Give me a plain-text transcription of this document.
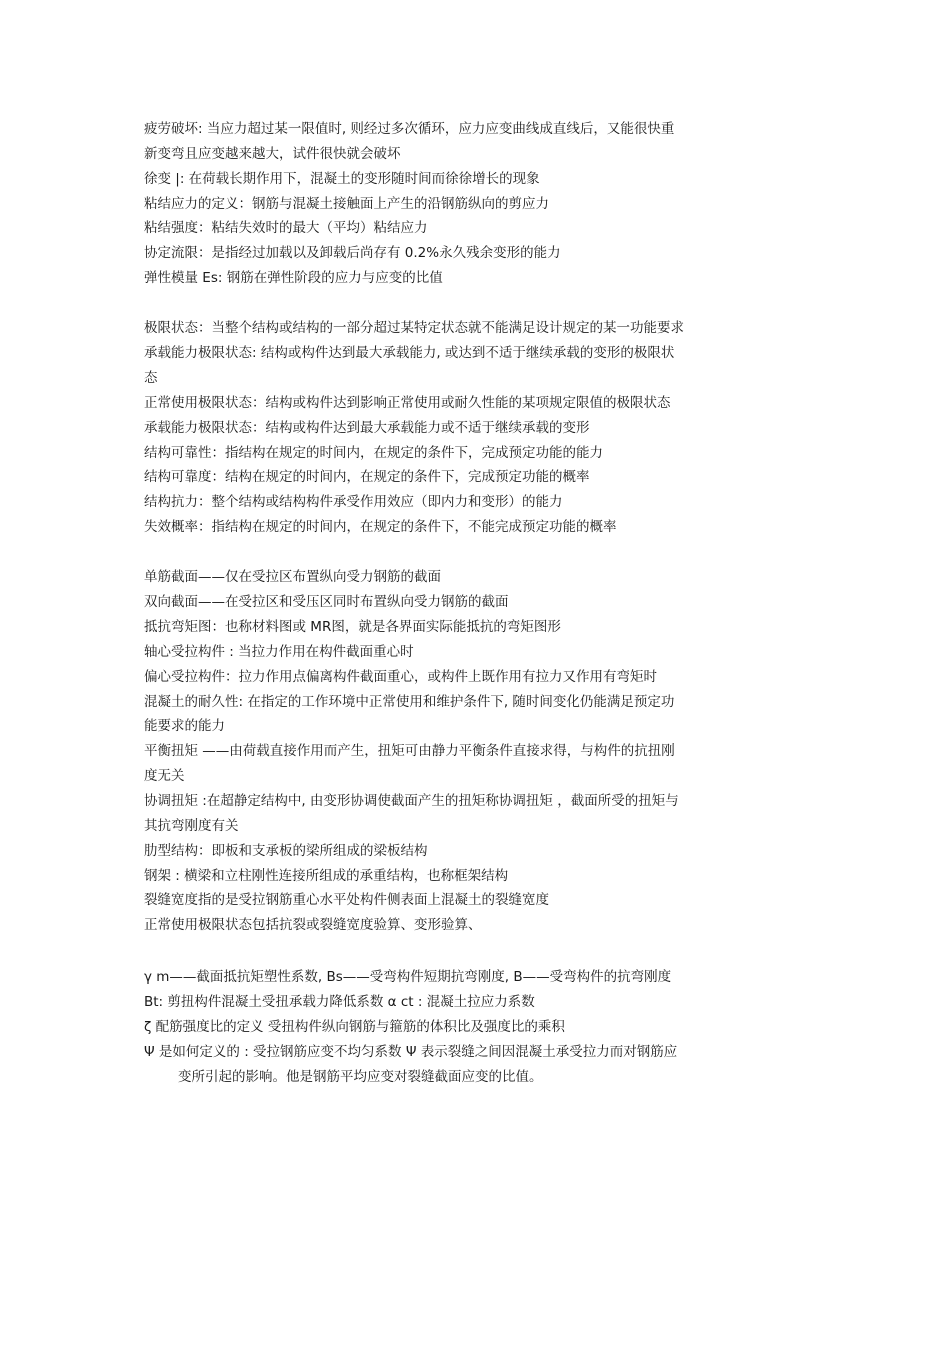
疲劳破坏: 当应力超过某一限值时, 则经过多次循环，应力应变曲线成直线后，又能很快重
新变弯且应变越来越大，试件很快就会破坏
徐变 |: 在荷载长期作用下，混凝土的变形随时间而徐徐增长的现象
粘结应力的定义：钢筋与混凝土接触面上产生的沿钢筋纵向的剪应力
粘结强度：粘结失效时的最大（平均）粘结应力
协定流限：是指经过加载以及卸载后尚存有 0.2%永久残余变形的能力
弹性模量 Es: 钢筋在弹性阶段的应力与应变的比值
极限状态：当整个结构或结构的一部分超过某特定状态就不能满足设计规定的某一功能要求
承载能力极限状态: 结构或构件达到最大承载能力, 或达到不适于继续承载的变形的极限状
态
正常使用极限状态：结构或构件达到影响正常使用或耐久性能的某项规定限值的极限状态
承载能力极限状态：结构或构件达到最大承载能力或不适于继续承载的变形
结构可靠性：指结构在规定的时间内，在规定的条件下，完成预定功能的能力
结构可靠度：结构在规定的时间内，在规定的条件下，完成预定功能的概率
结构抗力：整个结构或结构构件承受作用效应（即内力和变形）的能力
失效概率：指结构在规定的时间内，在规定的条件下，不能完成预定功能的概率
单筋截面——仅在受拉区布置纵向受力钢筋的截面
双向截面——在受拉区和受压区同时布置纵向受力钢筋的截面
抵抗弯矩图：也称材料图或 MR图，就是各界面实际能抵抗的弯矩图形
轴心受拉构件 : 当拉力作用在构件截面重心时
偏心受拉构件：拉力作用点偏离构件截面重心，或构件上既作用有拉力又作用有弯矩时
混凝土的耐久性: 在指定的工作环境中正常使用和维护条件下, 随时间变化仍能满足预定功
能要求的能力
平衡扭矩 ——由荷载直接作用而产生，扭矩可由静力平衡条件直接求得，与构件的抗扭刚
度无关
协调扭矩 :在超静定结构中, 由变形协调使截面产生的扭矩称协调扭矩 ，截面所受的扭矩与
其抗弯刚度有关
肋型结构：即板和支承板的梁所组成的梁板结构
钢架 : 横梁和立柱刚性连接所组成的承重结构，也称框架结构
裂缝宽度指的是受拉钢筋重心水平处构件侧表面上混凝土的裂缝宽度
正常使用极限状态包括抗裂或裂缝宽度验算、变形验算、
γ m——截面抵抗矩塑性系数, Bs——受弯构件短期抗弯刚度, B——受弯构件的抗弯刚度
Bt: 剪扭构件混凝土受扭承载力降低系数 α ct : 混凝土拉应力系数
ζ 配筋强度比的定义 受扭构件纵向钢筋与箍筋的体积比及强度比的乘积
Ψ 是如何定义的 : 受拉钢筋应变不均匀系数 Ψ 表示裂缝之间因混凝土承受拉力而对钢筋应
变所引起的影响。他是钢筋平均应变对裂缝截面应变的比值。
